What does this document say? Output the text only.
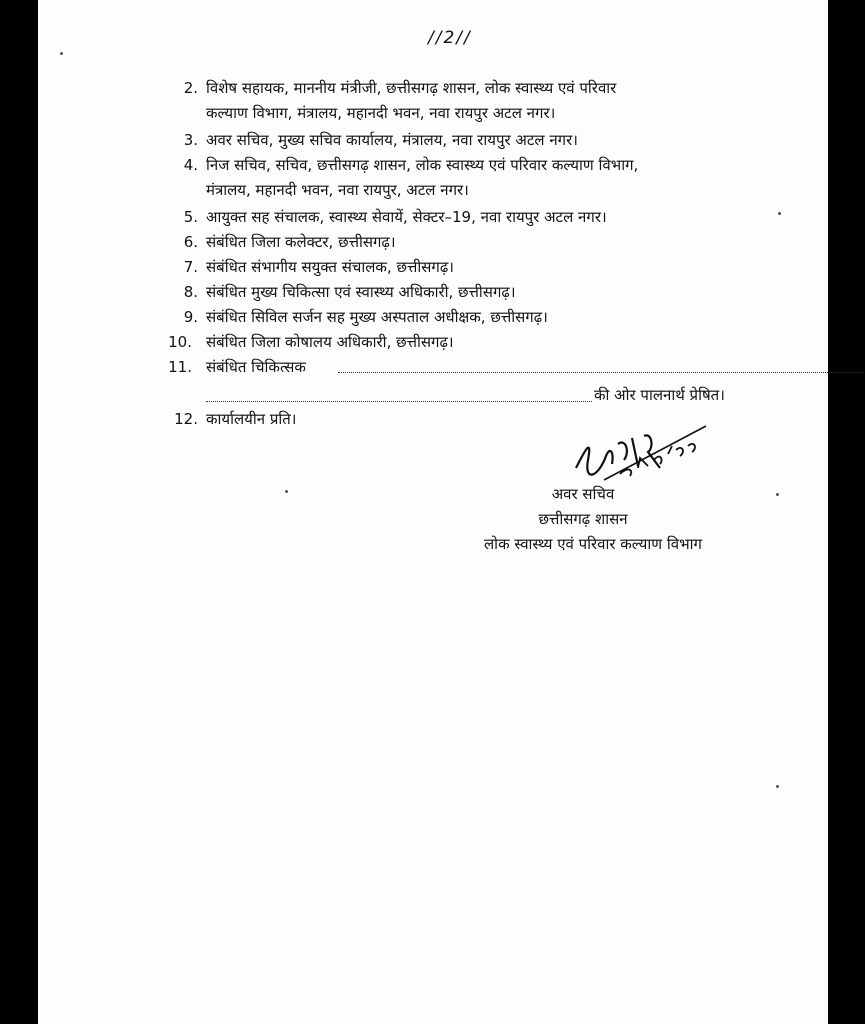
//2//
की ओर पालनार्थ प्रेषित।
12. कार्यालयीन प्रति।
अवर सचिव
छत्तीसगढ़ शासन
लोक स्वास्थ्य एवं परिवार कल्याण विभाग
2. विशेष सहायक, माननीय मंत्रीजी, छत्तीसगढ़ शासन, लोक स्वास्थ्य एवं परिवार
कल्याण विभाग, मंत्रालय, महानदी भवन, नवा रायपुर अटल नगर।
3. अवर सचिव, मुख्य सचिव कार्यालय, मंत्रालय, नवा रायपुर अटल नगर।
4. निज सचिव, सचिव, छत्तीसगढ़ शासन, लोक स्वास्थ्य एवं परिवार कल्याण विभाग,
मंत्रालय, महानदी भवन, नवा रायपुर, अटल नगर।
5. आयुक्त सह संचालक, स्वास्थ्य सेवायें, सेक्टर–19, नवा रायपुर अटल नगर।
6. संबंधित जिला कलेक्टर, छत्तीसगढ़।
7. संबंधित संभागीय सयुक्त संचालक, छत्तीसगढ़।
8. संबंधित मुख्य चिकित्सा एवं स्वास्थ्य अधिकारी, छत्तीसगढ़।
9. संबंधित सिविल सर्जन सह मुख्य अस्पताल अधीक्षक, छत्तीसगढ़।
10. संबंधित जिला कोषालय अधिकारी, छत्तीसगढ़।
11. संबंधित चिकित्सक
